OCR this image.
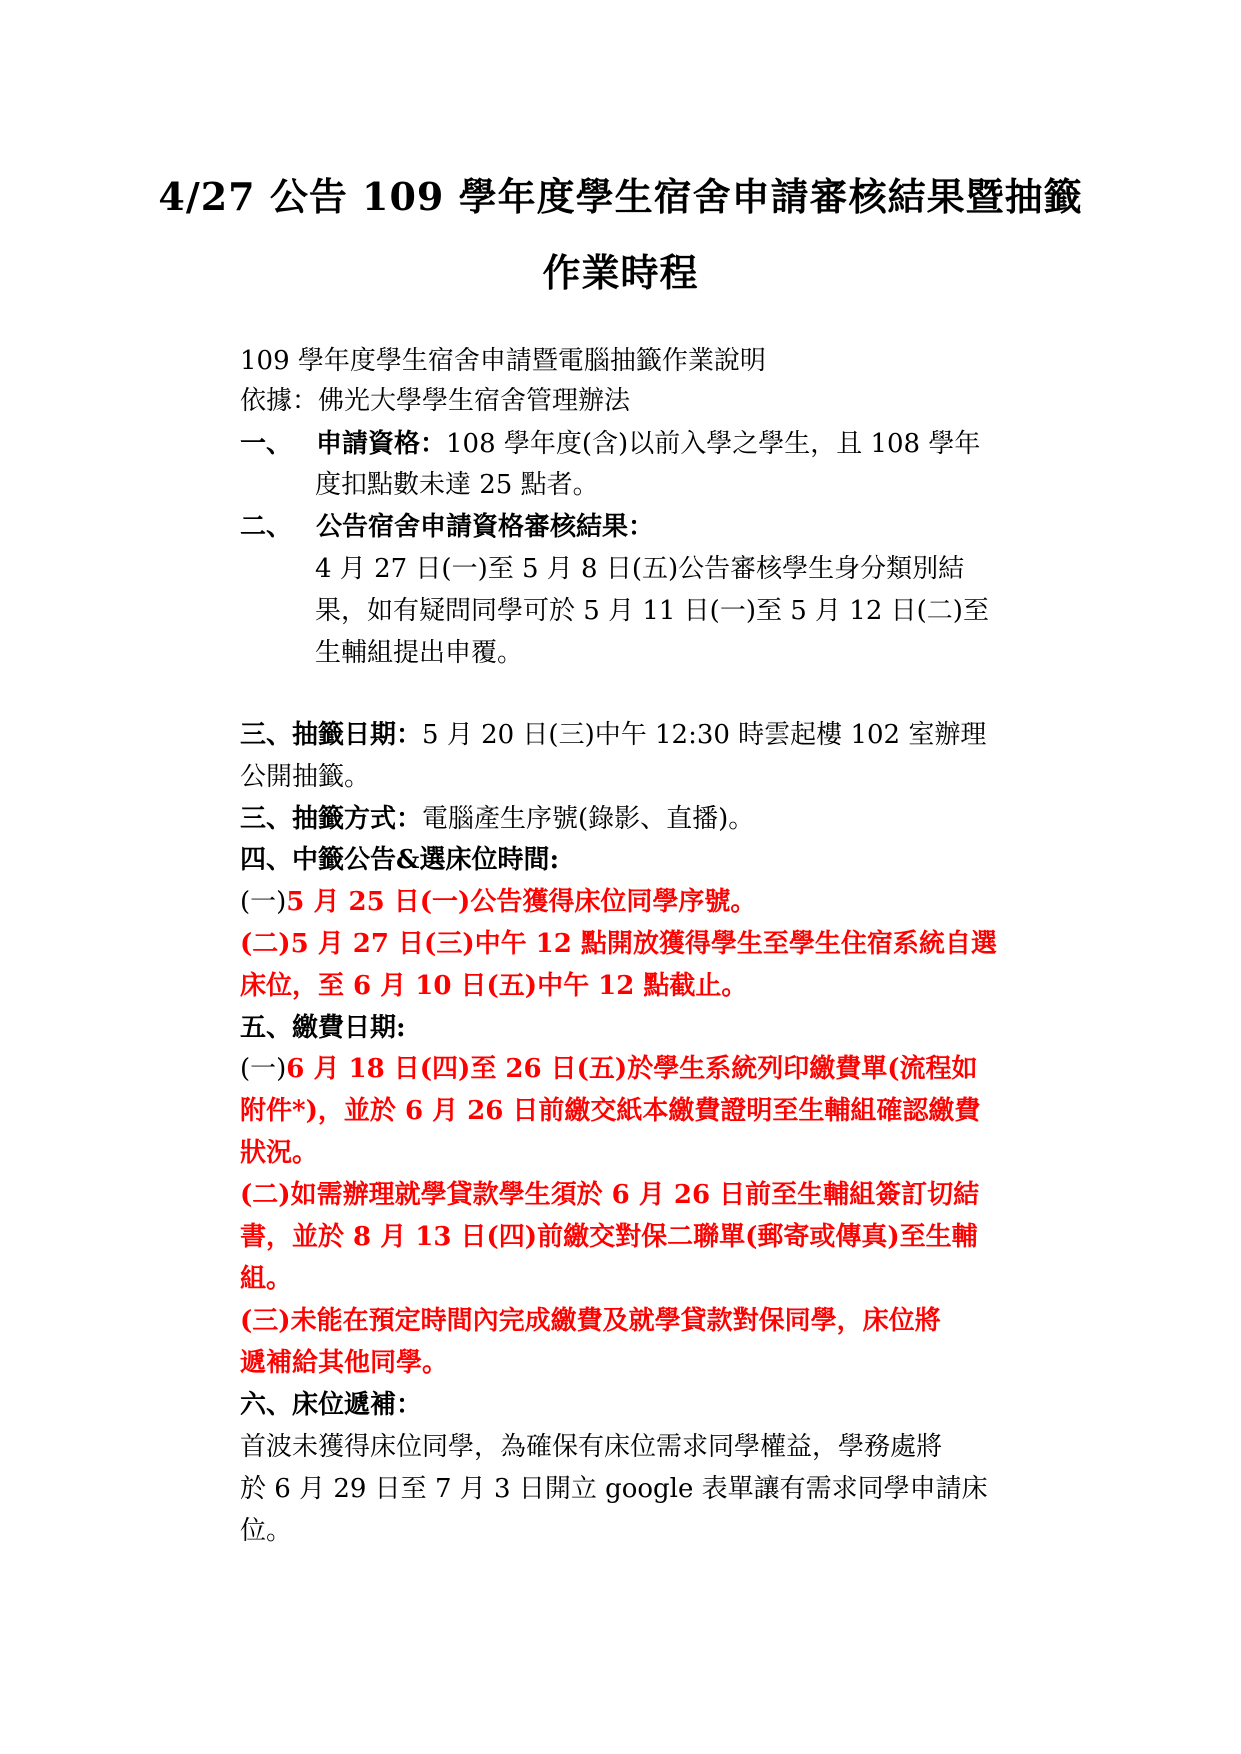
4/27 公告 109 學年度學生宿舍申請審核結果暨抽籤
作業時程
109 學年度學生宿舍申請暨電腦抽籤作業說明
依據：佛光大學學生宿舍管理辦法
一、 申請資格：108 學年度(含)以前入學之學生，且 108 學年
度扣點數未達 25 點者。
二、 公告宿舍申請資格審核結果：
4 月 27 日(一)至 5 月 8 日(五)公告審核學生身分類別結
果，如有疑問同學可於 5 月 11 日(一)至 5 月 12 日(二)至
生輔組提出申覆。
三、抽籤日期：5 月 20 日(三)中午 12:30 時雲起樓 102 室辦理
公開抽籤。
三、抽籤方式：電腦產生序號(錄影、直播)。
四、中籤公告&選床位時間:
(一)5 月 25 日(一)公告獲得床位同學序號。
(二)5 月 27 日(三)中午 12 點開放獲得學生至學生住宿系統自選
床位，至 6 月 10 日(五)中午 12 點截止。
五、繳費日期:
(一)6 月 18 日(四)至 26 日(五)於學生系統列印繳費單(流程如
附件*)，並於 6 月 26 日前繳交紙本繳費證明至生輔組確認繳費
狀況。
(二)如需辦理就學貸款學生須於 6 月 26 日前至生輔組簽訂切結
書，並於 8 月 13 日(四)前繳交對保二聯單(郵寄或傳真)至生輔
組。
(三)未能在預定時間內完成繳費及就學貸款對保同學，床位將
遞補給其他同學。
六、床位遞補：
首波未獲得床位同學，為確保有床位需求同學權益，學務處將
於 6 月 29 日至 7 月 3 日開立 google 表單讓有需求同學申請床
位。
